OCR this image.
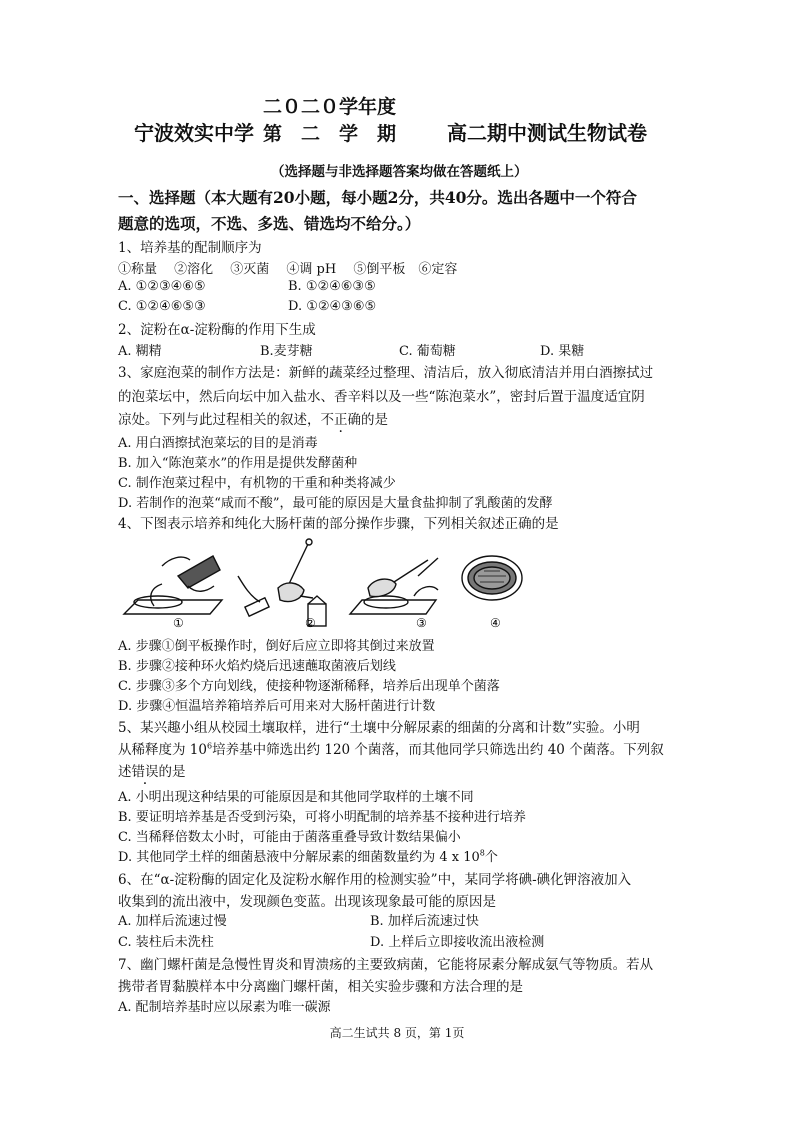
二０二０学年度
宁波效实中学 第　二　学　期	高二期中测试生物试卷
（选择题与非选择题答案均做在答题纸上）
一、选择题（本大题有20小题，每小题2分，共40分。选出各题中一个符合
题意的选项，不选、多选、错选均不给分。）
1、培养基的配制顺序为
①称量　 ②溶化　 ③灭菌　 ④调 pH　 ⑤倒平板　⑥定容
A. ①②③④⑥⑤	B. ①②④⑥③⑤
C. ①②④⑥⑤③	D. ①②④③⑥⑤
2、淀粉在α-淀粉酶的作用下生成
A. 糊精	B.麦芽糖	C. 葡萄糖	D. 果糖
3、家庭泡菜的制作方法是：新鲜的蔬菜经过整理、清洁后，放入彻底清洁并用白酒擦拭过
的泡菜坛中，然后向坛中加入盐水、香辛料以及一些“陈泡菜水”，密封后置于温度适宜阴
凉处。下列与此过程相关的叙述，不正确的是
A. 用白酒擦拭泡菜坛的目的是消毒
B. 加入“陈泡菜水”的作用是提供发酵菌种
C. 制作泡菜过程中，有机物的干重和种类将减少
D. 若制作的泡菜“咸而不酸”，最可能的原因是大量食盐抑制了乳酸菌的发酵
4、下图表示培养和纯化大肠杆菌的部分操作步骤，下列相关叙述正确的是
①	②	③	④
A. 步骤①倒平板操作时，倒好后应立即将其倒过来放置
B. 步骤②接种环火焰灼烧后迅速蘸取菌液后划线
C. 步骤③多个方向划线，使接种物逐渐稀释，培养后出现单个菌落
D. 步骤④恒温培养箱培养后可用来对大肠杆菌进行计数
5、某兴趣小组从校园土壤取样，进行“土壤中分解尿素的细菌的分离和计数”实验。小明
从稀释度为 $10^6$培养基中筛选出约 120 个菌落，而其他同学只筛选出约 40 个菌落。下列叙
述错误的是
A. 小明出现这种结果的可能原因是和其他同学取样的土壤不同
B. 要证明培养基是否受到污染，可将小明配制的培养基不接种进行培养
C. 当稀释倍数太小时，可能由于菌落重叠导致计数结果偏小
D. 其他同学土样的细菌悬液中分解尿素的细菌数量约为 4 x $10^8$个
6、在“α-淀粉酶的固定化及淀粉水解作用的检测实验”中，某同学将碘-碘化钾溶液加入
收集到的流出液中，发现颜色变蓝。出现该现象最可能的原因是
A. 加样后流速过慢	B. 加样后流速过快
C. 装柱后未洗柱	D. 上样后立即接收流出液检测
7、幽门螺杆菌是急慢性胃炎和胃溃疡的主要致病菌，它能将尿素分解成氨气等物质。若从
携带者胃黏膜样本中分离幽门螺杆菌，相关实验步骤和方法合理的是
A. 配制培养基时应以尿素为唯一碳源
高二生试共 8 页，第 1页
